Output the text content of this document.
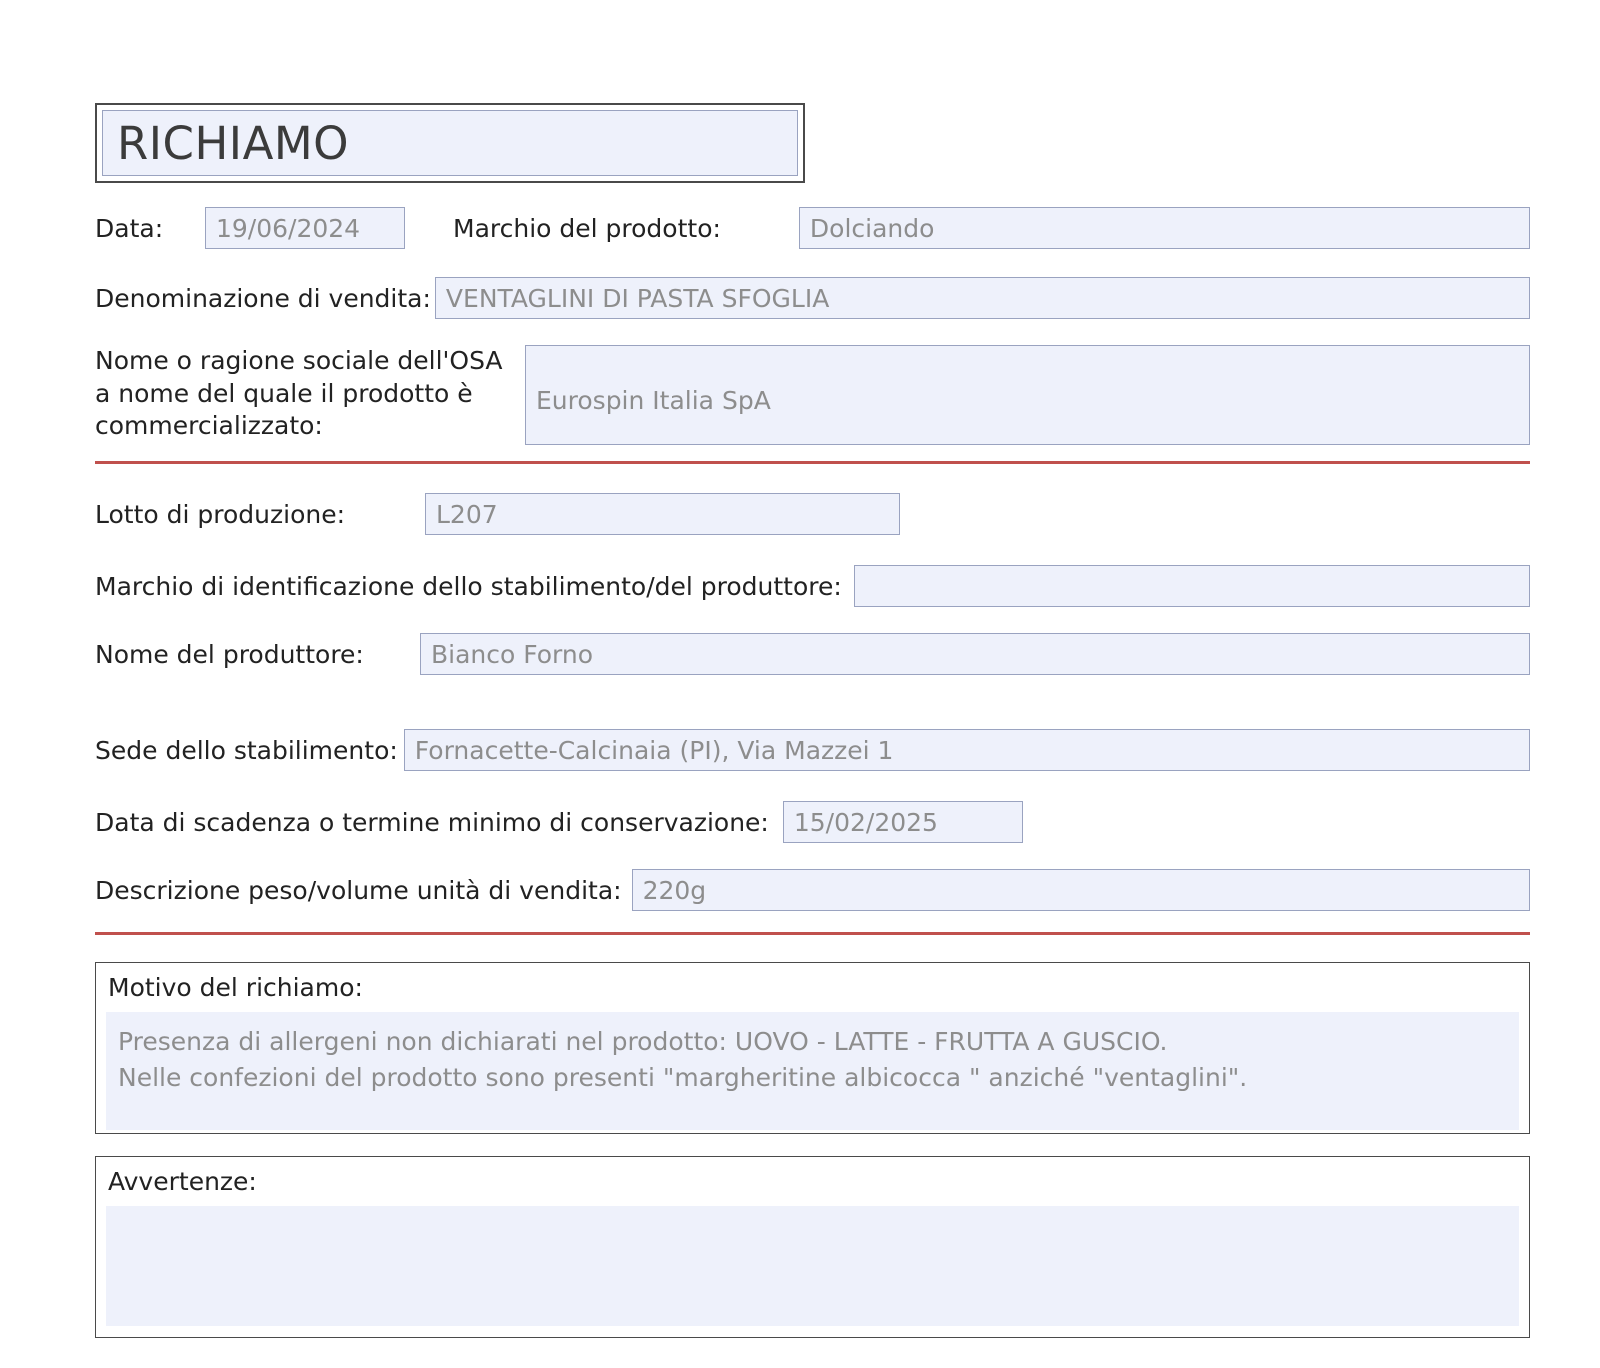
RICHIAMO
Data:	19/06/2024	Marchio del prodotto:	Dolciando
Denominazione di vendita: VENTAGLINI DI PASTA SFOGLIA
Nome o ragione sociale dell'OSA a nome del quale il prodotto è commercializzato:
Eurospin Italia SpA
Lotto di produzione:	L207
Marchio di identificazione dello stabilimento/del produttore:
Nome del produttore:	Bianco Forno
Sede dello stabilimento: Fornacette-Calcinaia (PI), Via Mazzei 1
Data di scadenza o termine minimo di conservazione:	15/02/2025
Descrizione peso/volume unità di vendita: 220g
Motivo del richiamo:
Presenza di allergeni non dichiarati nel prodotto: UOVO - LATTE - FRUTTA A GUSCIO.
Nelle confezioni del prodotto sono presenti "margheritine albicocca " anziché "ventaglini".
Avvertenze:
